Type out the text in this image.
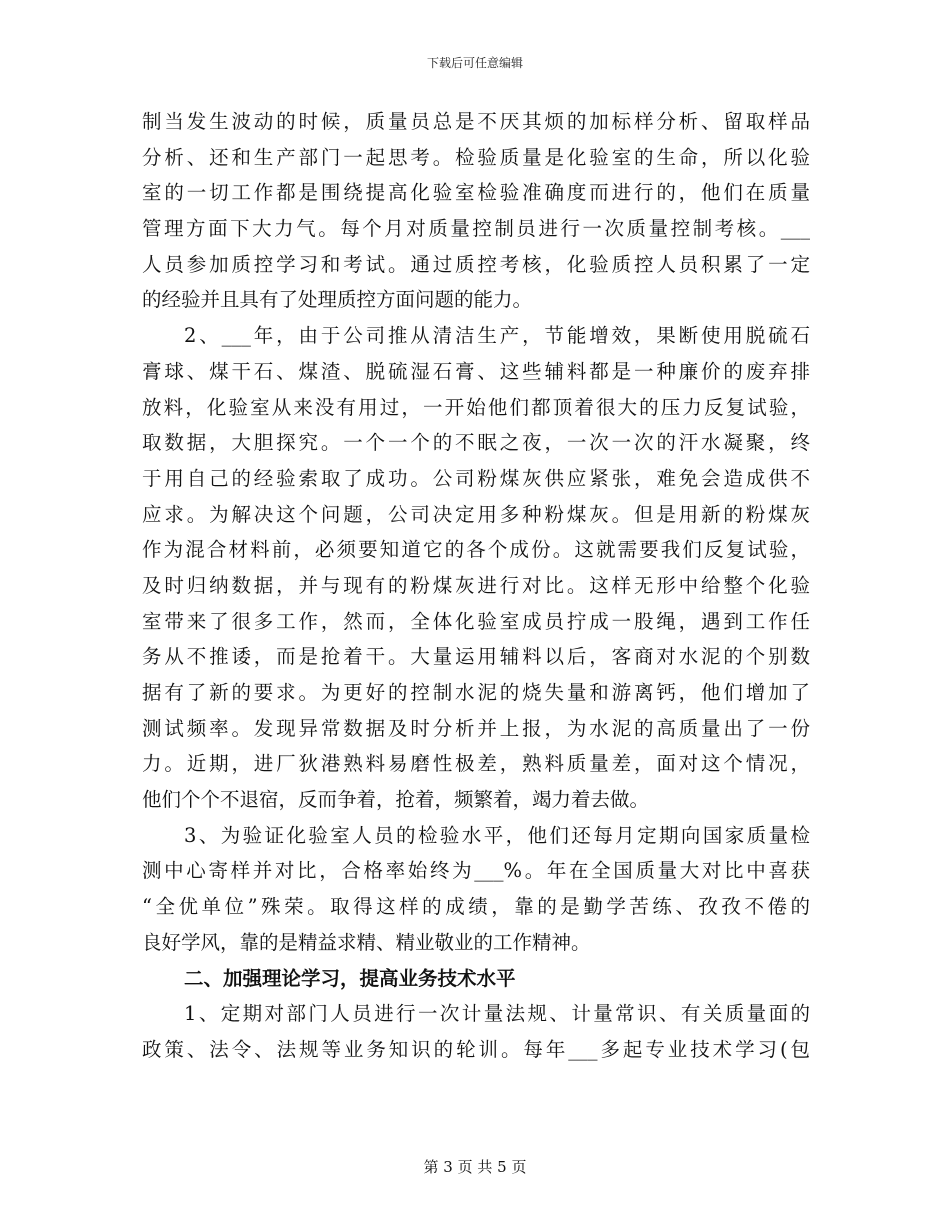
下载后可任意编辑
制当发生波动的时候，质量员总是不厌其烦的加标样分析、留取样品
分析、还和生产部门一起思考。检验质量是化验室的生命，所以化验
室的一切工作都是围绕提高化验室检验准确度而进行的，他们在质量
管理方面下大力气。每个月对质量控制员进行一次质量控制考核。___
人员参加质控学习和考试。通过质控考核，化验质控人员积累了一定
的经验并且具有了处理质控方面问题的能力。
2、___年，由于公司推从清洁生产，节能增效，果断使用脱硫石
膏球、煤干石、煤渣、脱硫湿石膏、这些辅料都是一种廉价的废弃排
放料，化验室从来没有用过，一开始他们都顶着很大的压力反复试验，
取数据，大胆探究。一个一个的不眠之夜，一次一次的汗水凝聚，终
于用自己的经验索取了成功。公司粉煤灰供应紧张，难免会造成供不
应求。为解决这个问题，公司决定用多种粉煤灰。但是用新的粉煤灰
作为混合材料前，必须要知道它的各个成份。这就需要我们反复试验，
及时归纳数据，并与现有的粉煤灰进行对比。这样无形中给整个化验
室带来了很多工作，然而，全体化验室成员拧成一股绳，遇到工作任
务从不推诿，而是抢着干。大量运用辅料以后，客商对水泥的个别数
据有了新的要求。为更好的控制水泥的烧失量和游离钙，他们增加了
测试频率。发现异常数据及时分析并上报，为水泥的高质量出了一份
力。近期，进厂狄港熟料易磨性极差，熟料质量差，面对这个情况，
他们个个不退宿，反而争着，抢着，频繁着，竭力着去做。
3、为验证化验室人员的检验水平，他们还每月定期向国家质量检
测中心寄样并对比，合格率始终为___%。年在全国质量大对比中喜获
“全优单位”殊荣。取得这样的成绩，靠的是勤学苦练、孜孜不倦的
良好学风，靠的是精益求精、精业敬业的工作精神。
二、加强理论学习，提高业务技术水平
1、定期对部门人员进行一次计量法规、计量常识、有关质量面的
政策、法令、法规等业务知识的轮训。每年___多起专业技术学习(包
第 3 页 共 5 页
